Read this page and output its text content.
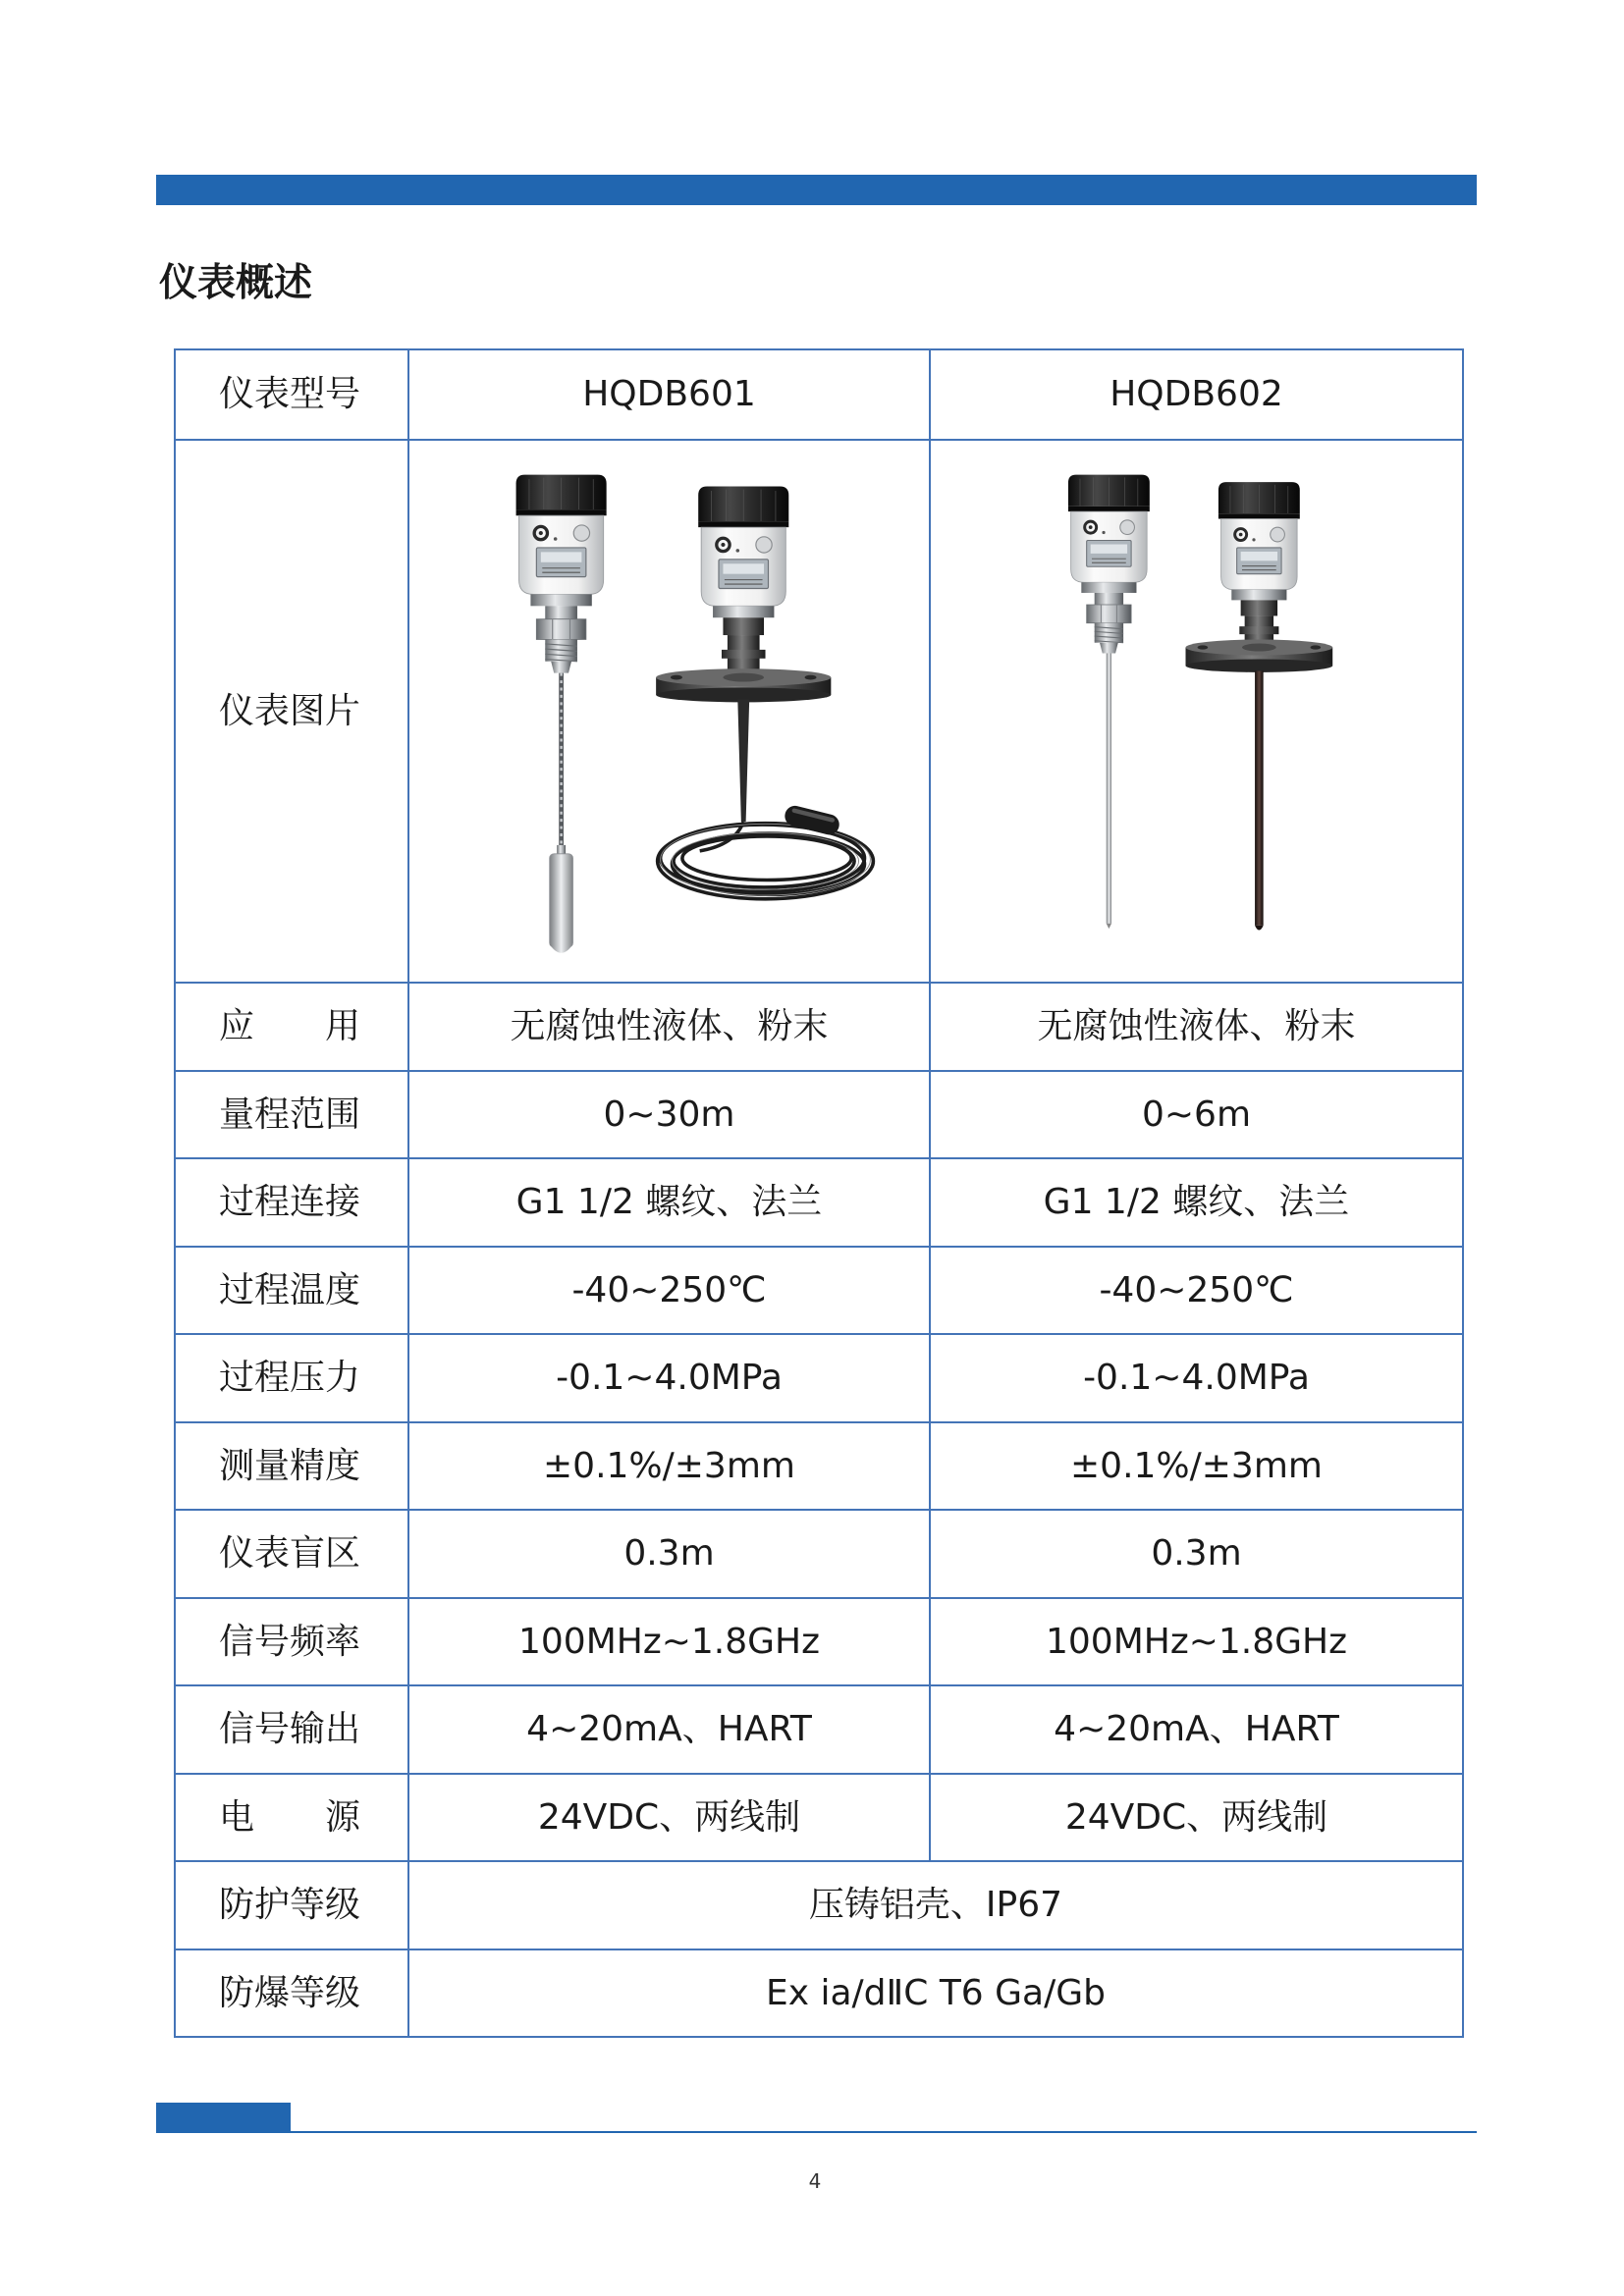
仪表概述
仪表型号	HQDB601	HQDB602
仪表图片	

应　　用	无腐蚀性液体、粉末	无腐蚀性液体、粉末
量程范围	0~30m	0~6m
过程连接	G1 1/2 螺纹、法兰	G1 1/2 螺纹、法兰
过程温度	-40~250℃	-40~250℃
过程压力	-0.1~4.0MPa	-0.1~4.0MPa
测量精度	±0.1%/±3mm	±0.1%/±3mm
仪表盲区	0.3m	0.3m
信号频率	100MHz~1.8GHz	100MHz~1.8GHz
信号输出	4~20mA、HART	4~20mA、HART
电　　源	24VDC、两线制	24VDC、两线制
防护等级	压铸铝壳、IP67	
防爆等级	Ex ia/dⅡC T6 Ga/Gb	
4
